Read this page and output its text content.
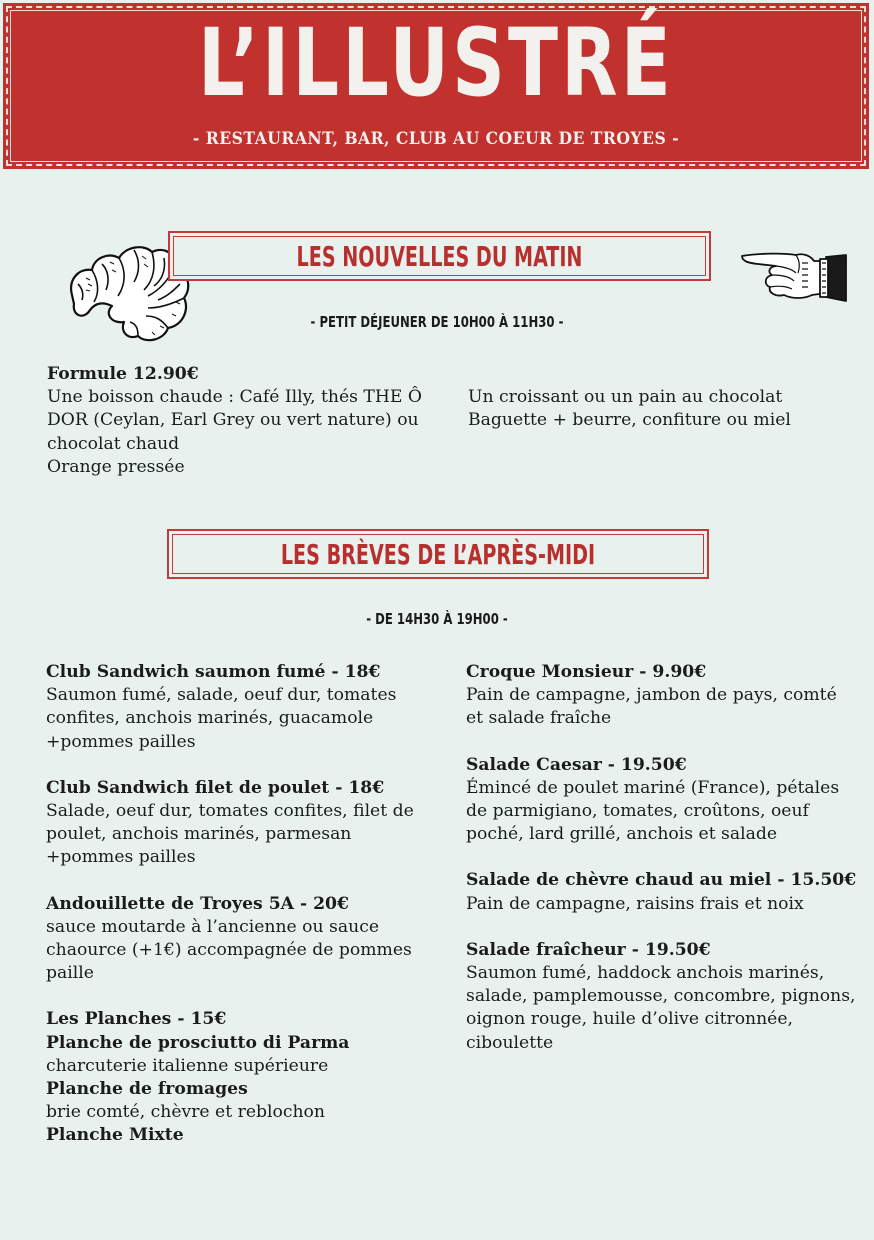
L’ILLUSTRÉ
- RESTAURANT, BAR, CLUB AU COEUR DE TROYES -
LES NOUVELLES DU MATIN
- PETIT DÉJEUNER DE 10H00 À 11H30 -
Formule 12.90€
Une boisson chaude : Café Illy, thés THE Ô
DOR (Ceylan, Earl Grey ou vert nature) ou
chocolat chaud
Orange pressée
Un croissant ou un pain au chocolat
Baguette + beurre, confiture ou miel
LES BRÈVES DE L’APRÈS-MIDI
- DE 14H30 À 19H00 -
Club Sandwich saumon fumé - 18€
Saumon fumé, salade, oeuf dur, tomates
confites, anchois marinés, guacamole
+pommes pailles
Club Sandwich filet de poulet - 18€
Salade, oeuf dur, tomates confites, filet de
poulet, anchois marinés, parmesan
+pommes pailles
Andouillette de Troyes 5A - 20€
sauce moutarde à l’ancienne ou sauce
chaource (+1€) accompagnée de pommes
paille
Les Planches - 15€
Planche de prosciutto di Parma
charcuterie italienne supérieure
Planche de fromages
brie comté, chèvre et reblochon
Planche Mixte
Croque Monsieur - 9.90€
Pain de campagne, jambon de pays, comté
et salade fraîche
Salade Caesar - 19.50€
Émincé de poulet mariné (France), pétales
de parmigiano, tomates, croûtons, oeuf
poché, lard grillé, anchois et salade
Salade de chèvre chaud au miel - 15.50€
Pain de campagne, raisins frais et noix
Salade fraîcheur - 19.50€
Saumon fumé, haddock anchois marinés,
salade, pamplemousse, concombre, pignons,
oignon rouge, huile d’olive citronnée,
ciboulette
